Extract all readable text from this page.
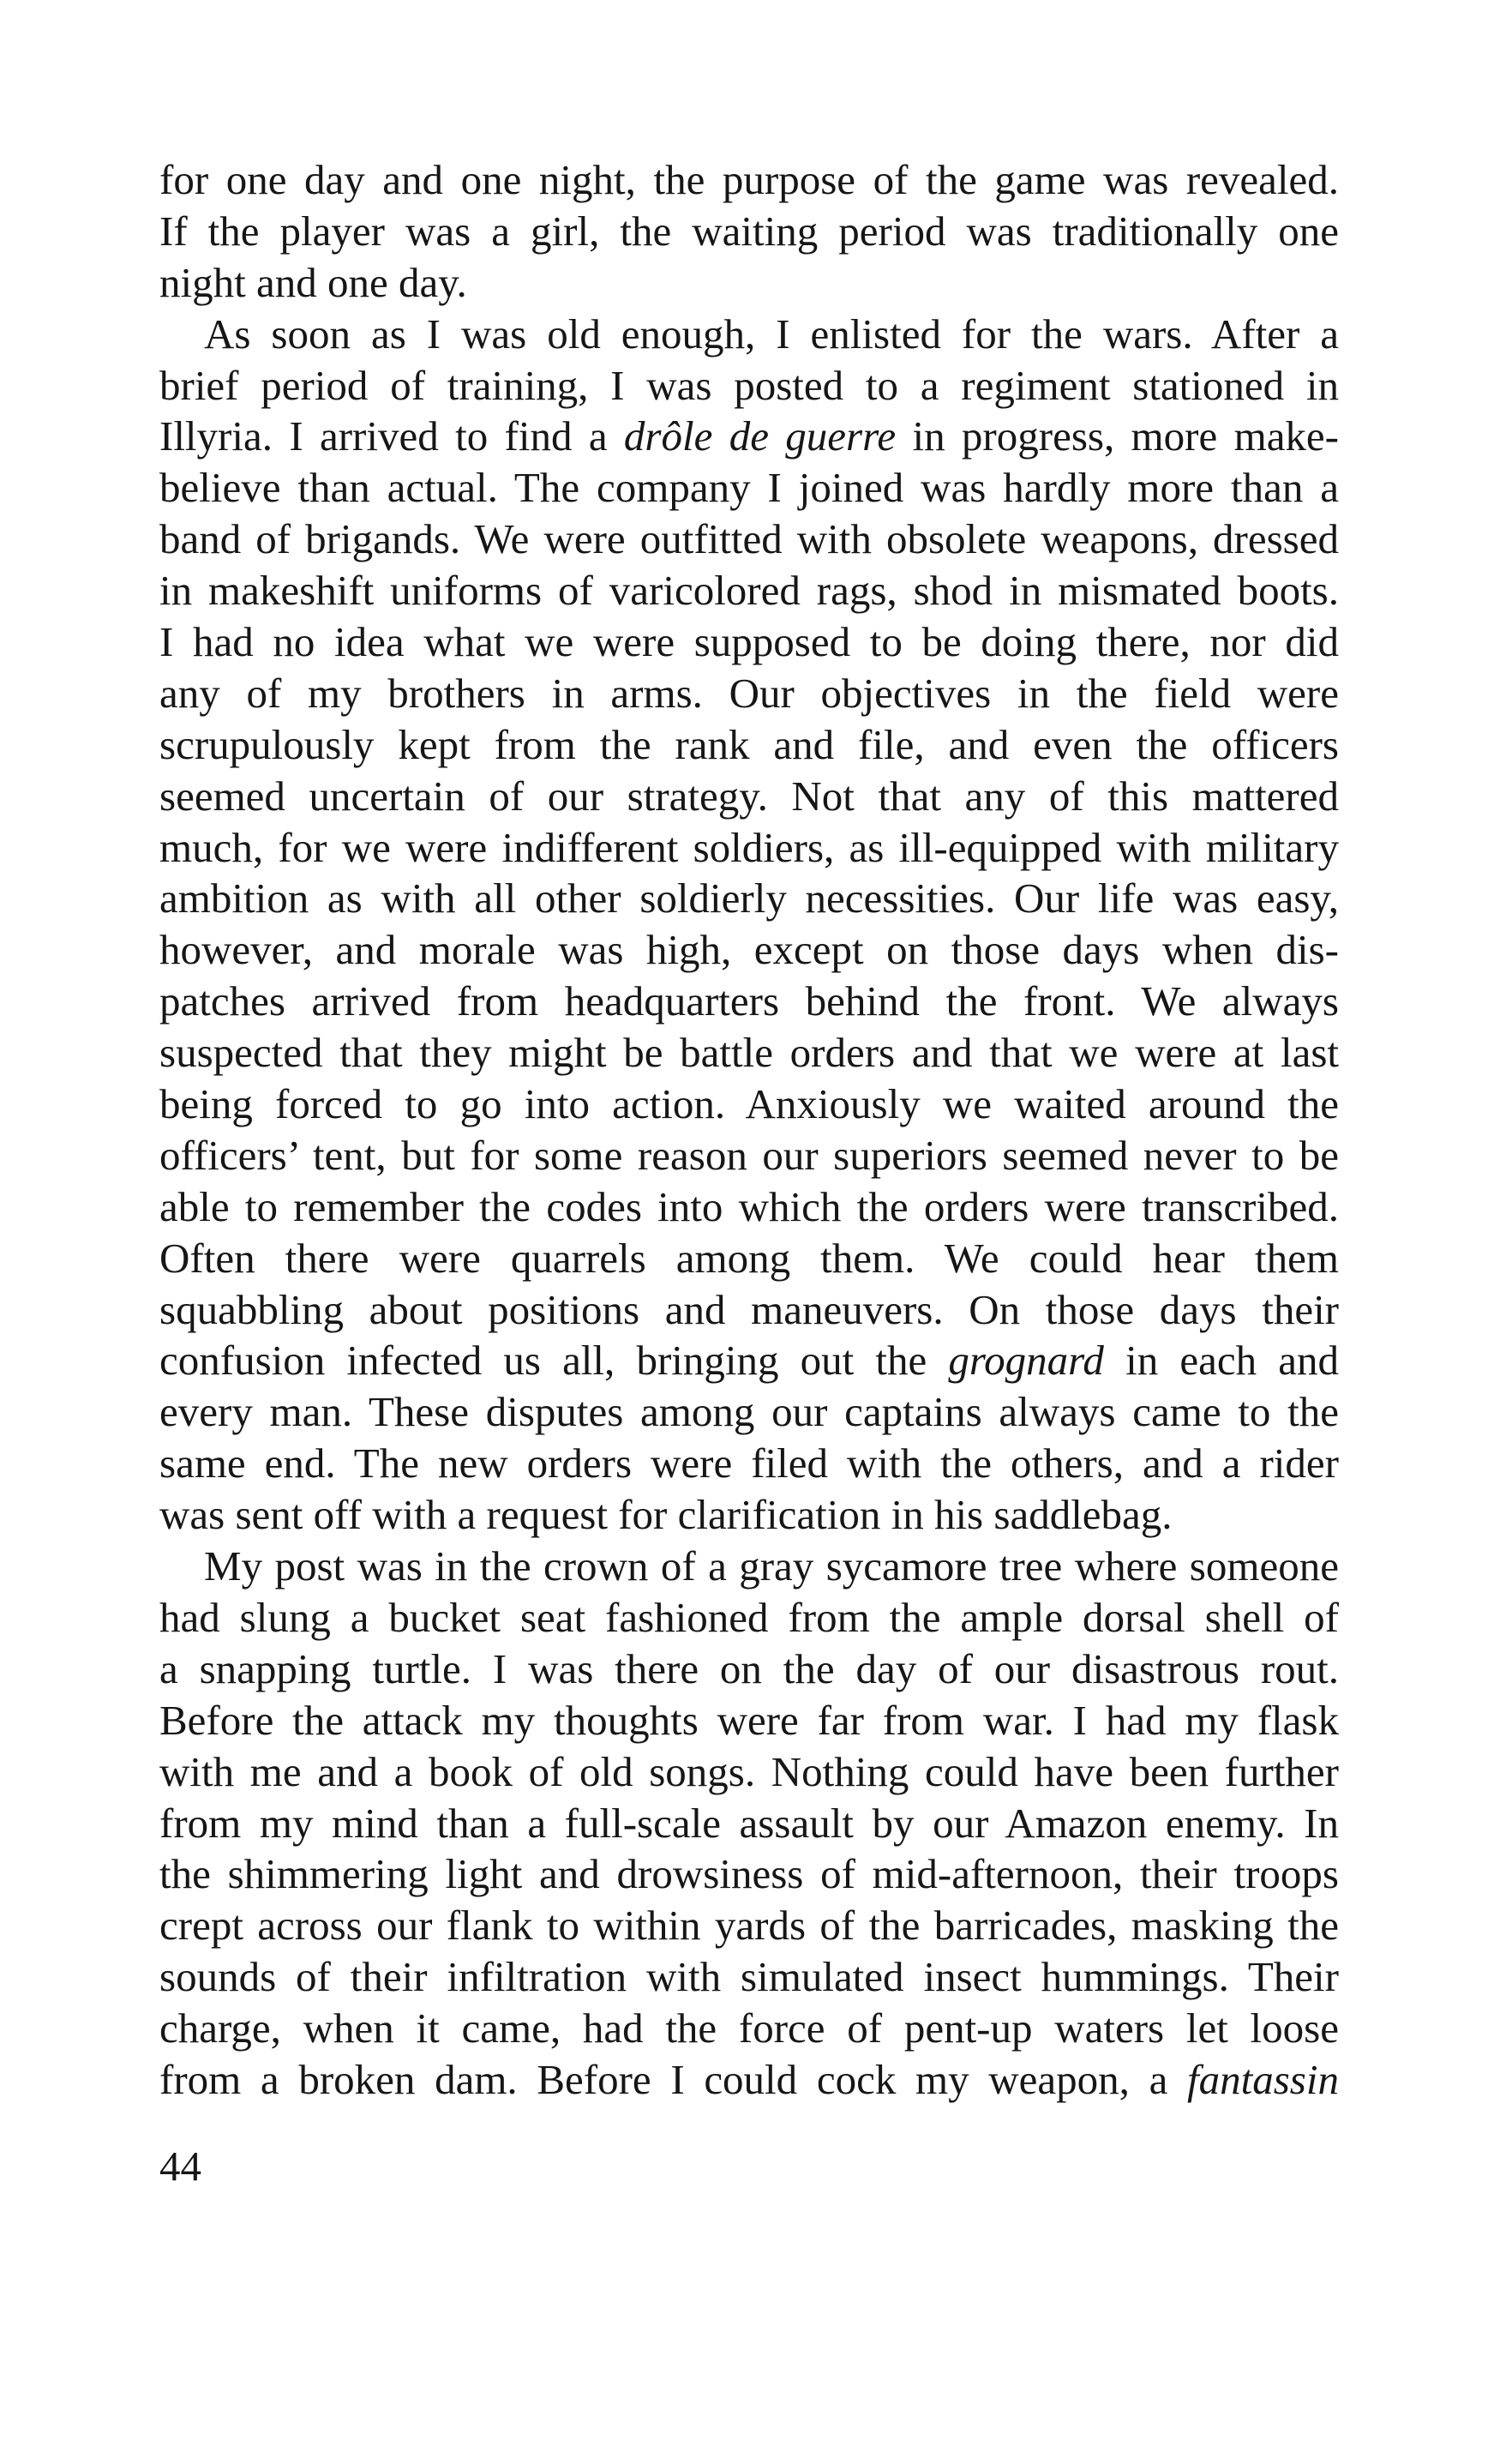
for one day and one night, the purpose of the game was revealed.
If the player was a girl, the waiting period was traditionally one
night and one day.
As soon as I was old enough, I enlisted for the wars. After a
brief period of training, I was posted to a regiment stationed in
Illyria. I arrived to find a drôle de guerre in progress, more make-
believe than actual. The company I joined was hardly more than a
band of brigands. We were outfitted with obsolete weapons, dressed
in makeshift uniforms of varicolored rags, shod in mismated boots.
I had no idea what we were supposed to be doing there, nor did
any of my brothers in arms. Our objectives in the field were
scrupulously kept from the rank and file, and even the officers
seemed uncertain of our strategy. Not that any of this mattered
much, for we were indifferent soldiers, as ill-equipped with military
ambition as with all other soldierly necessities. Our life was easy,
however, and morale was high, except on those days when dis-
patches arrived from headquarters behind the front. We always
suspected that they might be battle orders and that we were at last
being forced to go into action. Anxiously we waited around the
officers’ tent, but for some reason our superiors seemed never to be
able to remember the codes into which the orders were transcribed.
Often there were quarrels among them. We could hear them
squabbling about positions and maneuvers. On those days their
confusion infected us all, bringing out the grognard in each and
every man. These disputes among our captains always came to the
same end. The new orders were filed with the others, and a rider
was sent off with a request for clarification in his saddlebag.
My post was in the crown of a gray sycamore tree where someone
had slung a bucket seat fashioned from the ample dorsal shell of
a snapping turtle. I was there on the day of our disastrous rout.
Before the attack my thoughts were far from war. I had my flask
with me and a book of old songs. Nothing could have been further
from my mind than a full-scale assault by our Amazon enemy. In
the shimmering light and drowsiness of mid-afternoon, their troops
crept across our flank to within yards of the barricades, masking the
sounds of their infiltration with simulated insect hummings. Their
charge, when it came, had the force of pent-up waters let loose
from a broken dam. Before I could cock my weapon, a fantassin
44
